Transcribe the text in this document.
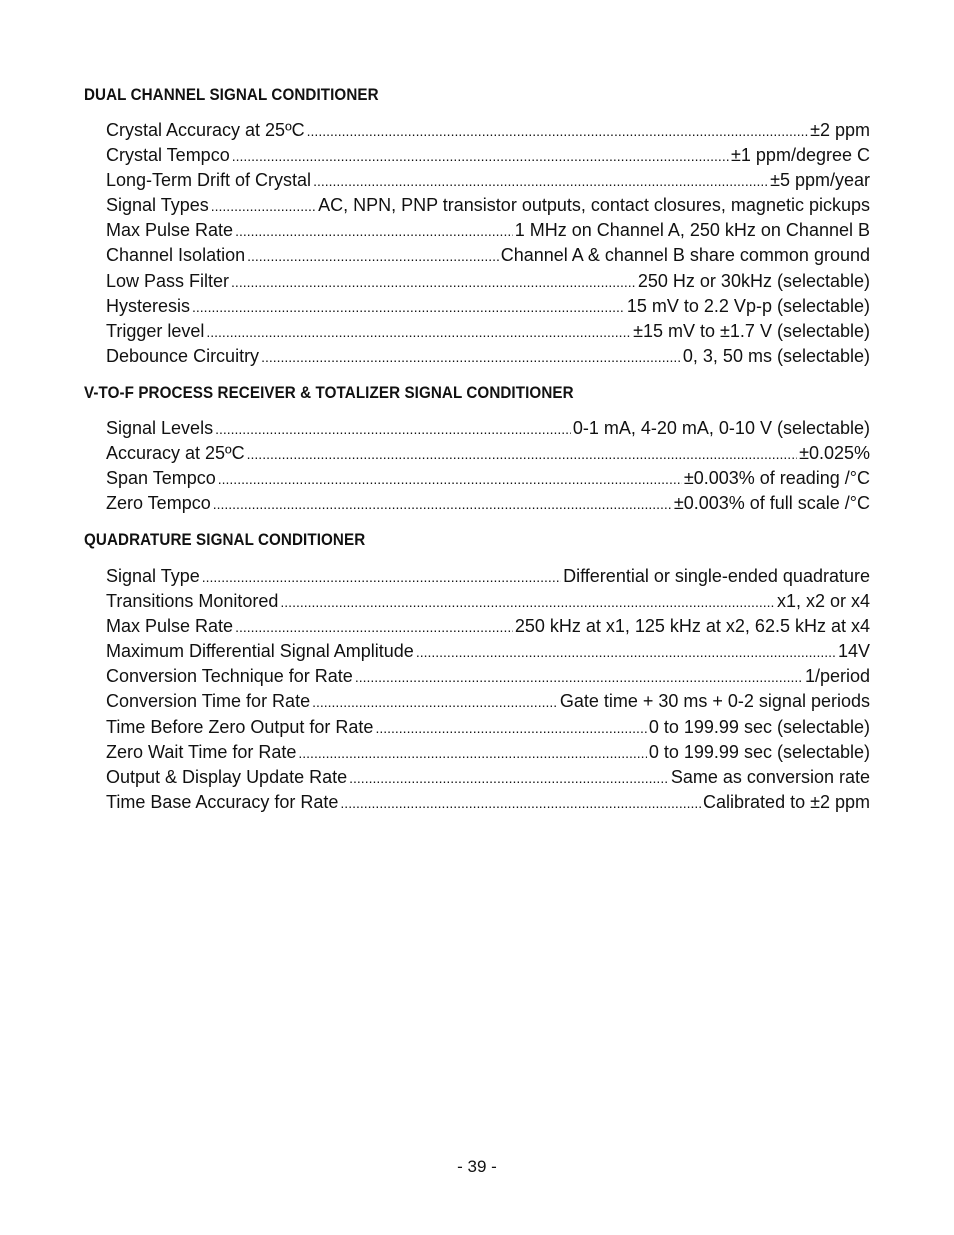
DUAL CHANNEL SIGNAL CONDITIONER
Crystal Accuracy at 25ºC .....	±2 ppm
Crystal Tempco .....	±1 ppm/degree C
Long-Term Drift of Crystal .....	±5 ppm/year
Signal Types .....	AC, NPN, PNP transistor outputs, contact closures, magnetic pickups
Max Pulse Rate .....	1 MHz on Channel A, 250 kHz on Channel B
Channel Isolation .....	Channel A & channel B share common ground
Low Pass Filter .....	250 Hz or 30kHz (selectable)
Hysteresis .....	15 mV to 2.2 Vp-p (selectable)
Trigger level .....	±15 mV to ±1.7 V (selectable)
Debounce Circuitry .....	0, 3, 50 ms (selectable)
V-TO-F PROCESS RECEIVER & TOTALIZER SIGNAL CONDITIONER
Signal Levels .....	0-1 mA, 4-20 mA, 0-10 V (selectable)
Accuracy at 25ºC .....	±0.025%
Span Tempco .....	±0.003% of reading /°C
Zero Tempco .....	±0.003% of full scale /°C
QUADRATURE SIGNAL CONDITIONER
Signal Type .....	Differential or single-ended quadrature
Transitions Monitored .....	x1, x2 or x4
Max Pulse Rate .....	250 kHz at x1, 125 kHz at x2, 62.5 kHz at x4
Maximum Differential Signal Amplitude .....	14V
Conversion Technique for Rate .....	1/period
Conversion Time for Rate .....	Gate time + 30 ms + 0-2 signal periods
Time Before Zero Output for Rate .....	0 to 199.99 sec (selectable)
Zero Wait Time for Rate .....	0 to 199.99 sec (selectable)
Output & Display Update Rate .....	Same as conversion rate
Time Base Accuracy for Rate .....	Calibrated to ±2 ppm
- 39 -
